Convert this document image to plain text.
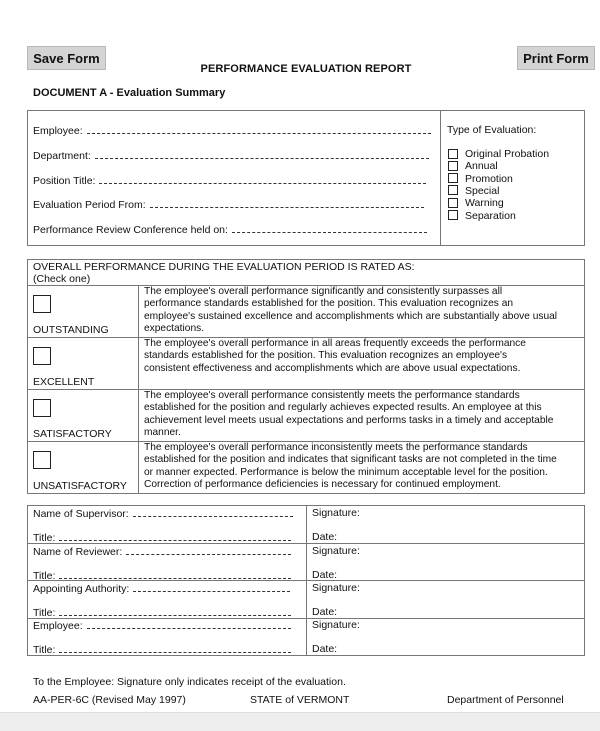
Save Form	Print Form
PERFORMANCE EVALUATION REPORT
DOCUMENT A - Evaluation Summary
Employee:
Department:
Position Title:
Evaluation Period From:
Performance Review Conference held on:
Type of Evaluation:
Original Probation
Annual
Promotion
Special
Warning
Separation
OVERALL PERFORMANCE DURING THE EVALUATION PERIOD IS RATED AS:
(Check one)
OUTSTANDING
The employee's overall performance significantly and consistently surpasses all
performance standards established for the position. This evaluation recognizes an
employee's sustained excellence and accomplishments which are substantially above usual
expectations.
EXCELLENT
The employee's overall performance in all areas frequently exceeds the performance
standards established for the position. This evaluation recognizes an employee's
consistent effectiveness and accomplishments which are above usual expectations.
SATISFACTORY
The employee's overall performance consistently meets the performance standards
established for the position and regularly achieves expected results. An employee at this
achievement level meets usual expectations and performs tasks in a timely and acceptable
manner.
UNSATISFACTORY
The employee's overall performance inconsistently meets the performance standards
established for the position and indicates that significant tasks are not completed in the time
or manner expected. Performance is below the minimum acceptable level for the position.
Correction of performance deficiencies is necessary for continued employment.
Name of Supervisor:
Title:
Signature:
Date:
Name of Reviewer:
Title:
Signature:
Date:
Appointing Authority:
Title:
Signature:
Date:
Employee:
Title:
Signature:
Date:
To the Employee: Signature only indicates receipt of the evaluation.
AA-PER-6C (Revised May 1997)	STATE of VERMONT	Department of Personnel
